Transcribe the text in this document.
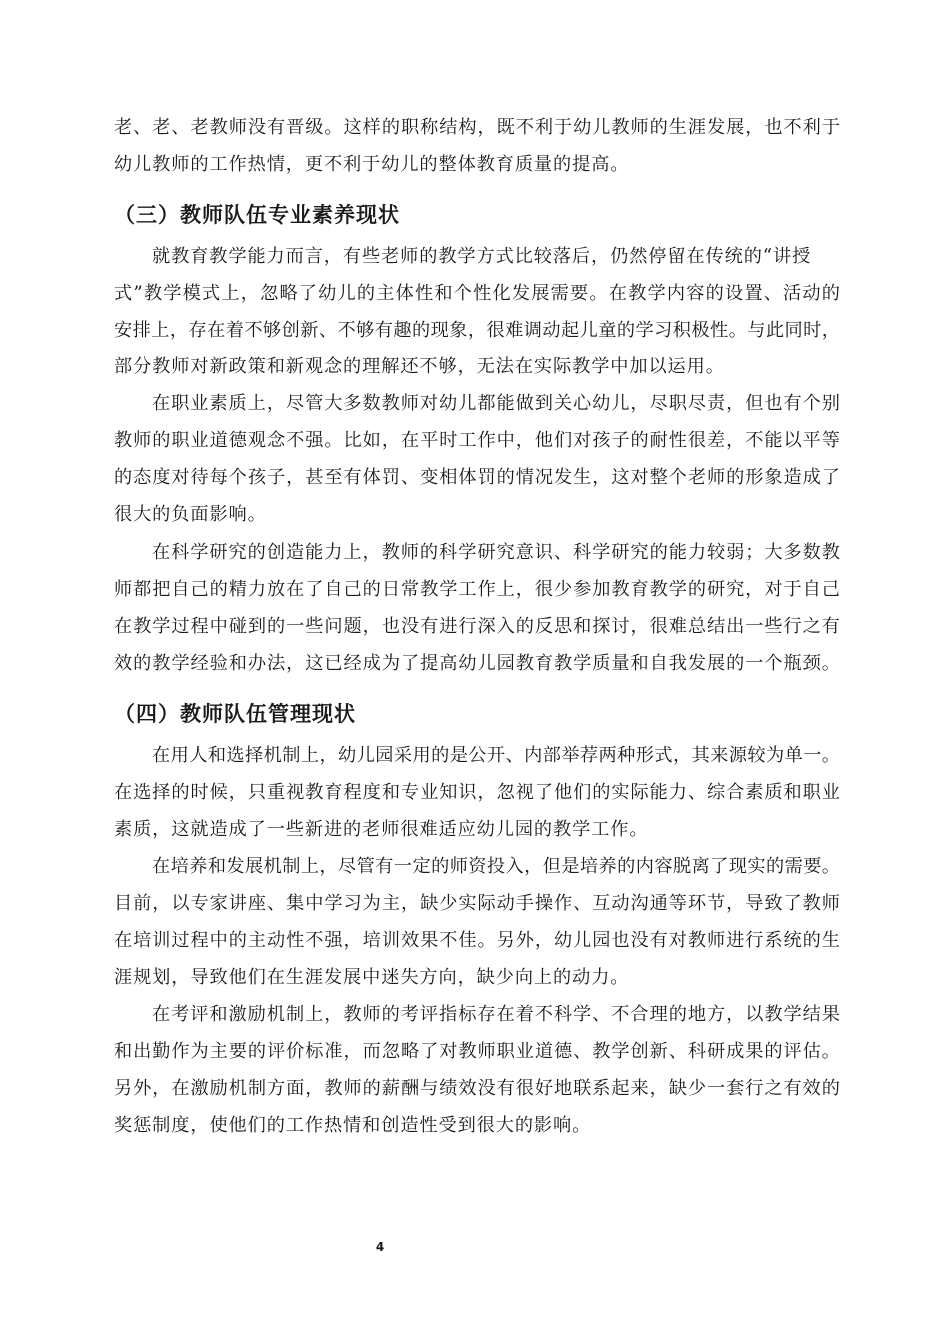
老、老、老教师没有晋级。这样的职称结构，既不利于幼儿教师的生涯发展，也不利于

幼儿教师的工作热情，更不利于幼儿的整体教育质量的提高。

（三）教师队伍专业素养现状

就教育教学能力而言，有些老师的教学方式比较落后，仍然停留在传统的“讲授

式”教学模式上，忽略了幼儿的主体性和个性化发展需要。在教学内容的设置、活动的

安排上，存在着不够创新、不够有趣的现象，很难调动起儿童的学习积极性。与此同时，

部分教师对新政策和新观念的理解还不够，无法在实际教学中加以运用。

在职业素质上，尽管大多数教师对幼儿都能做到关心幼儿，尽职尽责，但也有个别

教师的职业道德观念不强。比如，在平时工作中，他们对孩子的耐性很差，不能以平等

的态度对待每个孩子，甚至有体罚、变相体罚的情况发生，这对整个老师的形象造成了

很大的负面影响。

在科学研究的创造能力上，教师的科学研究意识、科学研究的能力较弱；大多数教

师都把自己的精力放在了自己的日常教学工作上，很少参加教育教学的研究，对于自己

在教学过程中碰到的一些问题，也没有进行深入的反思和探讨，很难总结出一些行之有

效的教学经验和办法，这已经成为了提高幼儿园教育教学质量和自我发展的一个瓶颈。

（四）教师队伍管理现状

在用人和选择机制上，幼儿园采用的是公开、内部举荐两种形式，其来源较为单一。

在选择的时候，只重视教育程度和专业知识，忽视了他们的实际能力、综合素质和职业

素质，这就造成了一些新进的老师很难适应幼儿园的教学工作。

在培养和发展机制上，尽管有一定的师资投入，但是培养的内容脱离了现实的需要。

目前，以专家讲座、集中学习为主，缺少实际动手操作、互动沟通等环节，导致了教师

在培训过程中的主动性不强，培训效果不佳。另外，幼儿园也没有对教师进行系统的生

涯规划，导致他们在生涯发展中迷失方向，缺少向上的动力。

在考评和激励机制上，教师的考评指标存在着不科学、不合理的地方，以教学结果

和出勤作为主要的评价标准，而忽略了对教师职业道德、教学创新、科研成果的评估。

另外，在激励机制方面，教师的薪酬与绩效没有很好地联系起来，缺少一套行之有效的

奖惩制度，使他们的工作热情和创造性受到很大的影响。

4
